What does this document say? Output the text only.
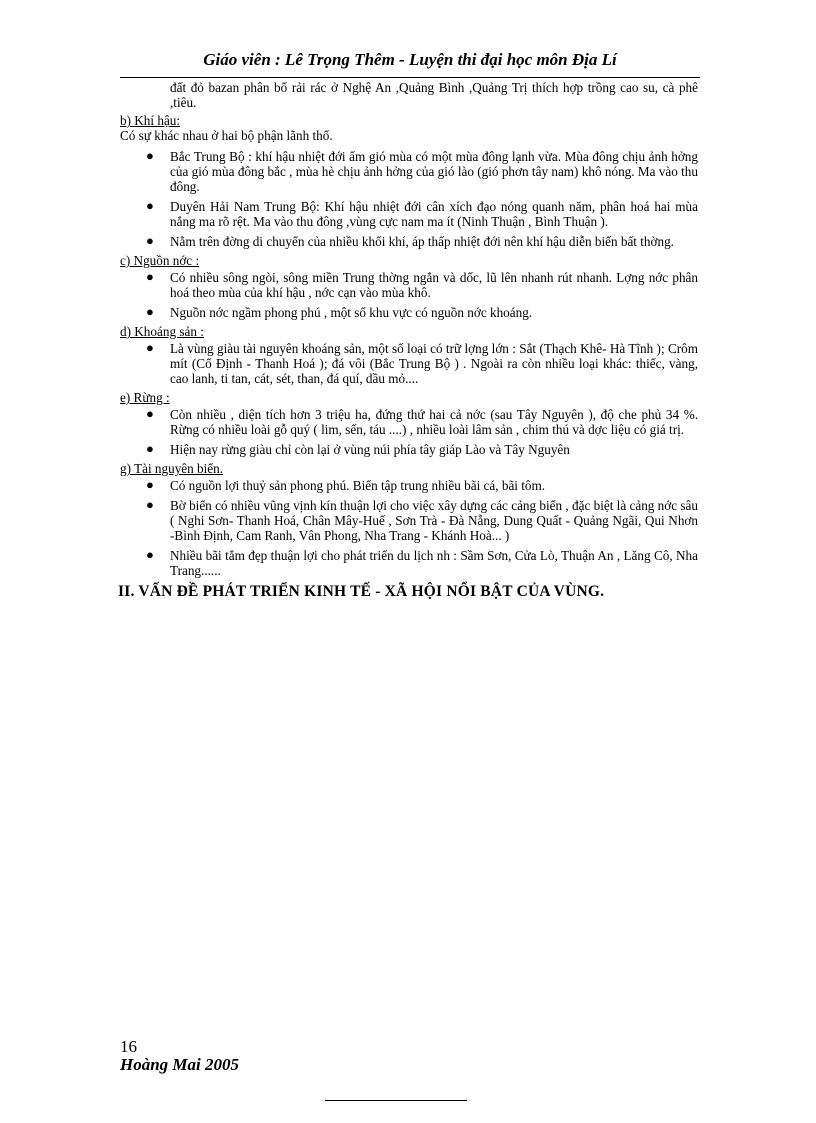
Giáo viên : Lê Trọng Thêm - Luyện thi đại học môn Địa Lí

đất đỏ bazan phân bố rải rác ở Nghệ An ,Quảng Bình ,Quảng Trị thích hợp trồng cao su, cà phê ,tiêu.

b) Khí hậu:

Có sự khác nhau ở hai bộ phận lãnh thổ.

● Bắc Trung Bộ : khí hậu nhiệt đới ẩm gió mùa có một mùa đông lạnh vừa. Mùa đông chịu ảnh hởng của gió mùa đông bắc , mùa hè chịu ảnh hởng của gió lào (gió phơn tây nam) khô nóng. Ma vào thu đông.
● Duyên Hải Nam Trung Bộ: Khí hậu nhiệt đới cân xích đạo nóng quanh năm, phân hoá hai mùa nắng ma rõ rệt. Ma vào thu đông ,vùng cực nam ma ít (Ninh Thuận , Bình Thuận ).
● Nằm trên đờng di chuyển của nhiều khối khí, áp thấp nhiệt đới nên khí hậu diễn biến bất thờng.
c) Nguồn nớc :
● Có nhiều sông ngòi, sông miền Trung thờng ngắn và dốc, lũ lên nhanh rút nhanh. Lợng nớc phân hoá theo mùa của khí hậu , nớc cạn vào mùa khô.
● Nguồn nớc ngầm phong phú , một số khu vực có nguồn nớc khoáng.
d) Khoáng sản :
● Là vùng giàu tài nguyên khoáng sản, một số loại có trữ lợng lớn : Sắt (Thạch Khê- Hà Tĩnh ); Crôm mít (Cổ Định - Thanh Hoá ); đá vôi (Bắc Trung Bộ ) . Ngoài ra còn nhiều loại khác: thiếc, vàng, cao lanh, ti tan, cát, sét, than, đá quí, dầu mỏ....
e) Rừng :
● Còn nhiều , diện tích hơn 3 triệu ha, đứng thứ hai cả nớc (sau Tây Nguyên ), độ che phủ 34 %. Rừng có nhiều loài gỗ quý ( lim, sến, táu ....) , nhiều loài lâm sản , chim thú và dợc liệu có giá trị.
● Hiện nay rừng giàu chỉ còn lại ở vùng núi phía tây giáp Lào và Tây Nguyên
g) Tài nguyên biển.
● Có nguồn lợi thuỷ sản phong phú. Biển tập trung nhiều bãi cá, bãi tôm.
● Bờ biển có nhiều vũng vịnh kín thuận lợi cho việc xây dựng các cảng biển , đặc biệt là cảng nớc sâu ( Nghi Sơn- Thanh Hoá, Chân Mây-Huế , Sơn Trà - Đà Nẵng, Dung Quất - Quảng Ngãi, Qui Nhơn -Bình Định, Cam Ranh, Vân Phong, Nha Trang - Khánh Hoà... )
● Nhiều bãi tắm đẹp thuận lợi cho phát triển du lịch nh : Sầm Sơn, Cửa Lò, Thuận An , Lăng Cô, Nha Trang......
II. VẤN ĐỀ PHÁT TRIỂN KINH TẾ - XÃ HỘI NỔI BẬT CỦA VÙNG.
16
Hoàng Mai 2005
